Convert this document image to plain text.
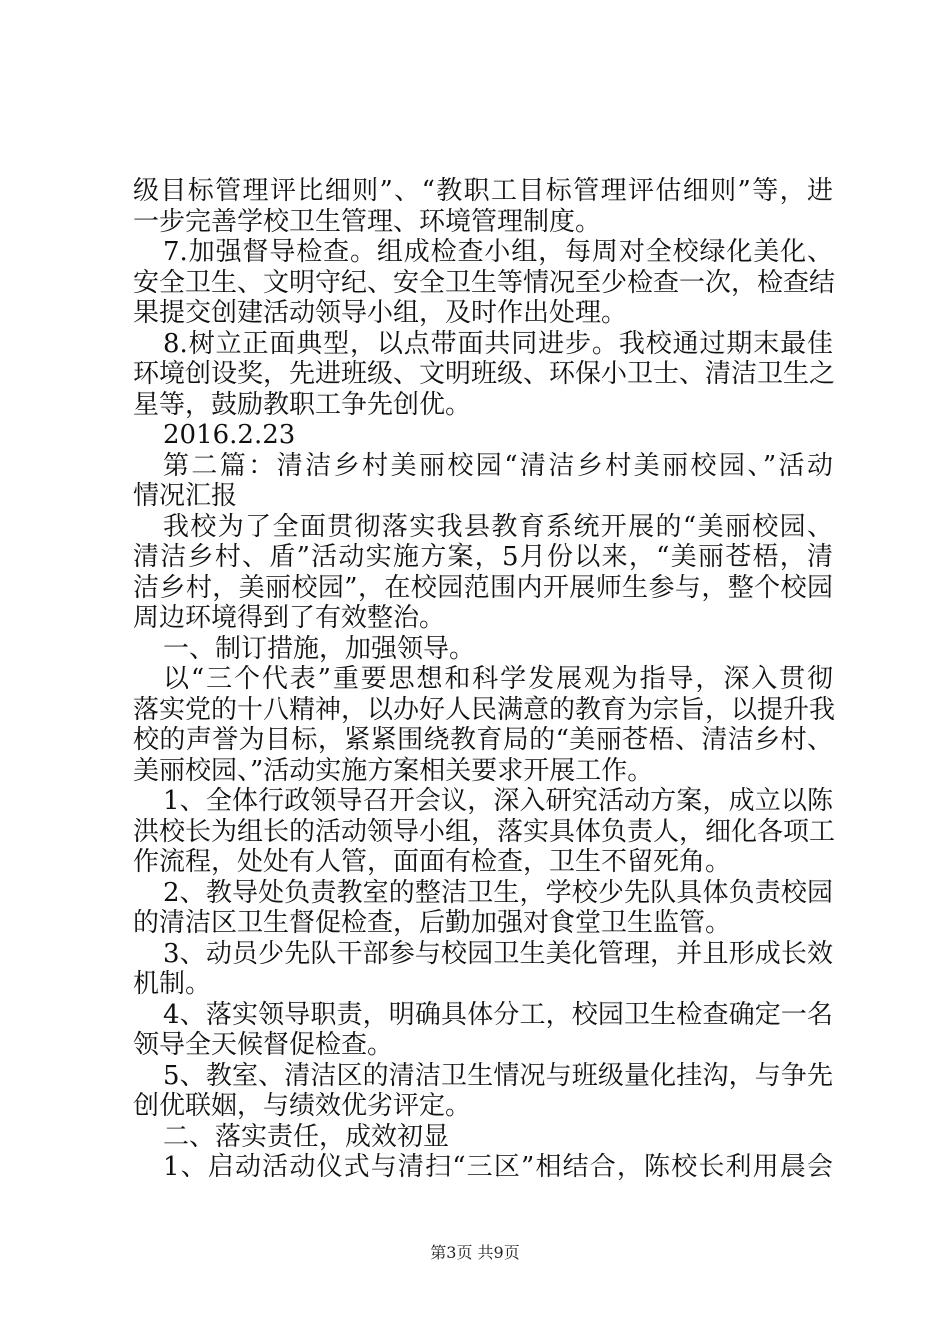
级目标管理评比细则”、“教职工目标管理评估细则”等，进
一步完善学校卫生管理、环境管理制度。
7.加强督导检查。组成检查小组，每周对全校绿化美化、
安全卫生、文明守纪、安全卫生等情况至少检查一次，检查结
果提交创建活动领导小组，及时作出处理。
8.树立正面典型，以点带面共同进步。我校通过期末最佳
环境创设奖，先进班级、文明班级、环保小卫士、清洁卫生之
星等，鼓励教职工争先创优。
2016.2.23
第二篇：清洁乡村美丽校园“清洁乡村美丽校园、”活动
情况汇报
我校为了全面贯彻落实我县教育系统开展的“美丽校园、
清洁乡村、盾”活动实施方案，5月份以来，“美丽苍梧，清
洁乡村，美丽校园”，在校园范围内开展师生参与，整个校园
周边环境得到了有效整治。
一、制订措施，加强领导。
以“三个代表”重要思想和科学发展观为指导，深入贯彻
落实党的十八精神，以办好人民满意的教育为宗旨，以提升我
校的声誉为目标，紧紧围绕教育局的“美丽苍梧、清洁乡村、
美丽校园、”活动实施方案相关要求开展工作。
1、全体行政领导召开会议，深入研究活动方案，成立以陈
洪校长为组长的活动领导小组，落实具体负责人，细化各项工
作流程，处处有人管，面面有检查，卫生不留死角。
2、教导处负责教室的整洁卫生，学校少先队具体负责校园
的清洁区卫生督促检查，后勤加强对食堂卫生监管。
3、动员少先队干部参与校园卫生美化管理，并且形成长效
机制。
4、落实领导职责，明确具体分工，校园卫生检查确定一名
领导全天候督促检查。
5、教室、清洁区的清洁卫生情况与班级量化挂沟，与争先
创优联姻，与绩效优劣评定。
二、落实责任，成效初显
1、启动活动仪式与清扫“三区”相结合，陈校长利用晨会
第3页 共9页
